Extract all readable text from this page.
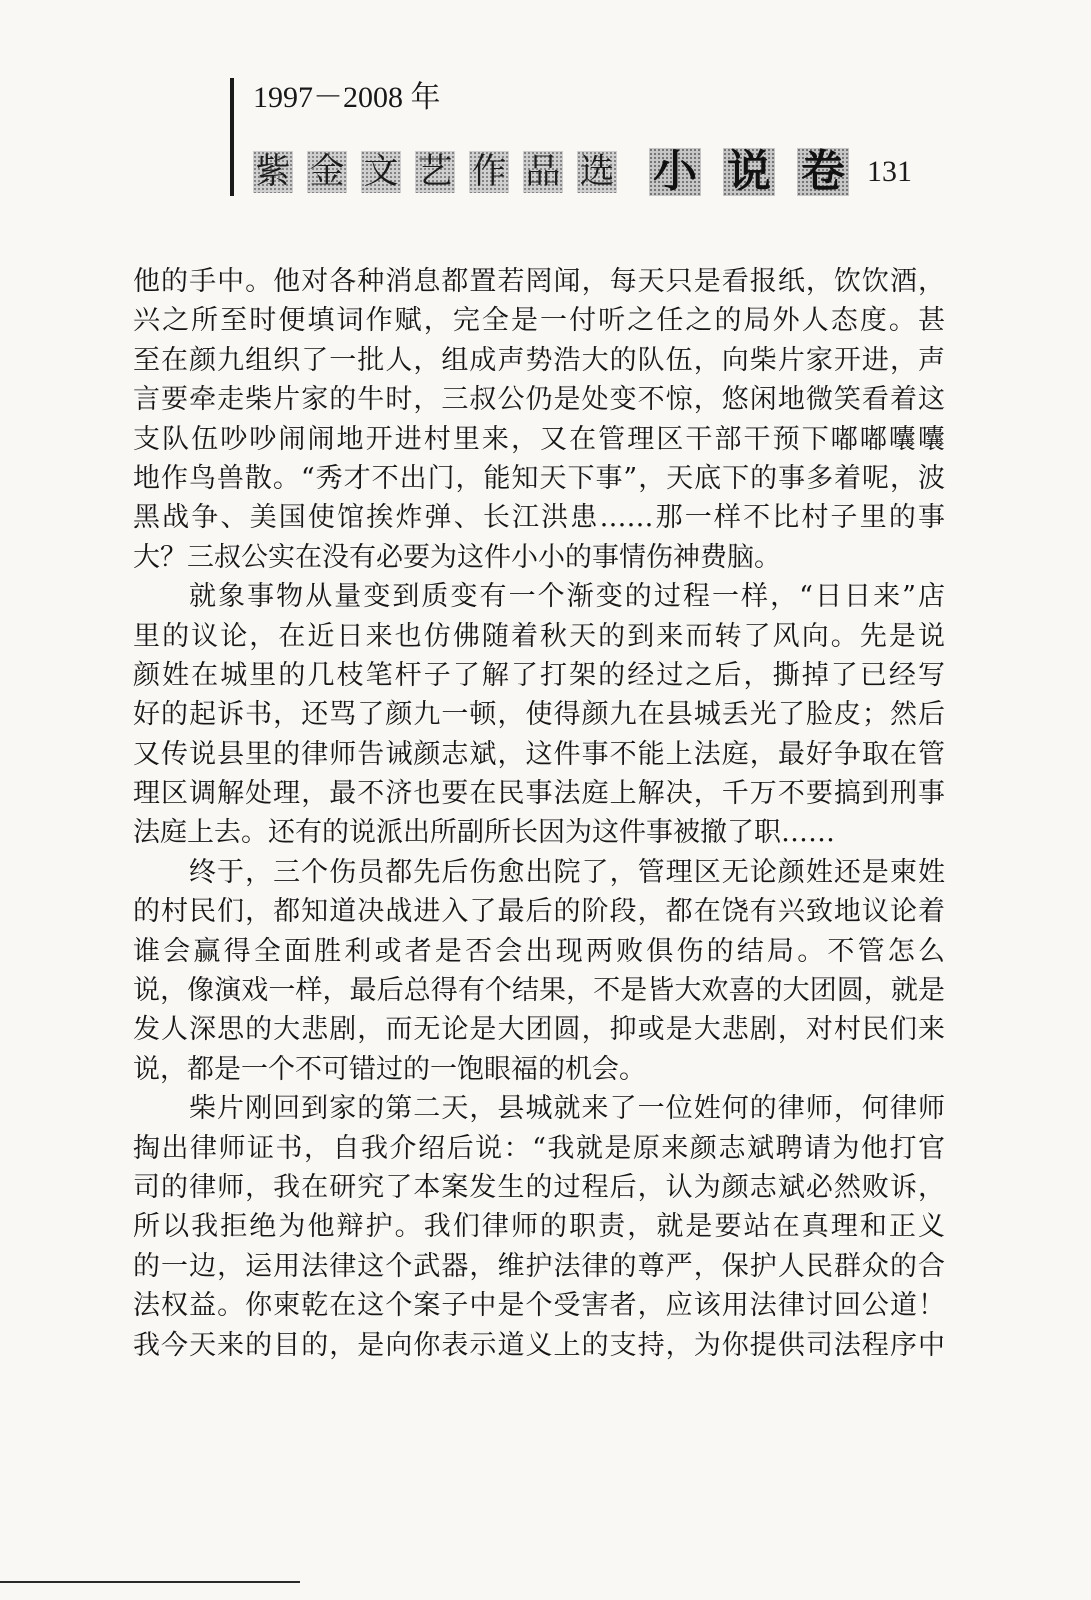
1997－2008 年
紫 金 文 艺 作 品 选 小 说 卷 131
他的手中。他对各种消息都置若罔闻，每天只是看报纸，饮饮酒，
兴之所至时便填词作赋，完全是一付听之任之的局外人态度。甚
至在颜九组织了一批人，组成声势浩大的队伍，向柴片家开进，声
言要牵走柴片家的牛时，三叔公仍是处变不惊，悠闲地微笑看着这
支队伍吵吵闹闹地开进村里来，又在管理区干部干预下嘟嘟囔囔
地作鸟兽散。“秀才不出门，能知天下事”，天底下的事多着呢，波
黑战争、美国使馆挨炸弹、长江洪患……那一样不比村子里的事
大？三叔公实在没有必要为这件小小的事情伤神费脑。
就象事物从量变到质变有一个渐变的过程一样，“日日来”店
里的议论，在近日来也仿佛随着秋天的到来而转了风向。先是说
颜姓在城里的几枝笔杆子了解了打架的经过之后，撕掉了已经写
好的起诉书，还骂了颜九一顿，使得颜九在县城丢光了脸皮；然后
又传说县里的律师告诫颜志斌，这件事不能上法庭，最好争取在管
理区调解处理，最不济也要在民事法庭上解决，千万不要搞到刑事
法庭上去。还有的说派出所副所长因为这件事被撤了职……
终于，三个伤员都先后伤愈出院了，管理区无论颜姓还是柬姓
的村民们，都知道决战进入了最后的阶段，都在饶有兴致地议论着
谁会赢得全面胜利或者是否会出现两败俱伤的结局。不管怎么
说，像演戏一样，最后总得有个结果，不是皆大欢喜的大团圆，就是
发人深思的大悲剧，而无论是大团圆，抑或是大悲剧，对村民们来
说，都是一个不可错过的一饱眼福的机会。
柴片刚回到家的第二天，县城就来了一位姓何的律师，何律师
掏出律师证书，自我介绍后说：“我就是原来颜志斌聘请为他打官
司的律师，我在研究了本案发生的过程后，认为颜志斌必然败诉，
所以我拒绝为他辩护。我们律师的职责，就是要站在真理和正义
的一边，运用法律这个武器，维护法律的尊严，保护人民群众的合
法权益。你柬乾在这个案子中是个受害者，应该用法律讨回公道！
我今天来的目的，是向你表示道义上的支持，为你提供司法程序中
